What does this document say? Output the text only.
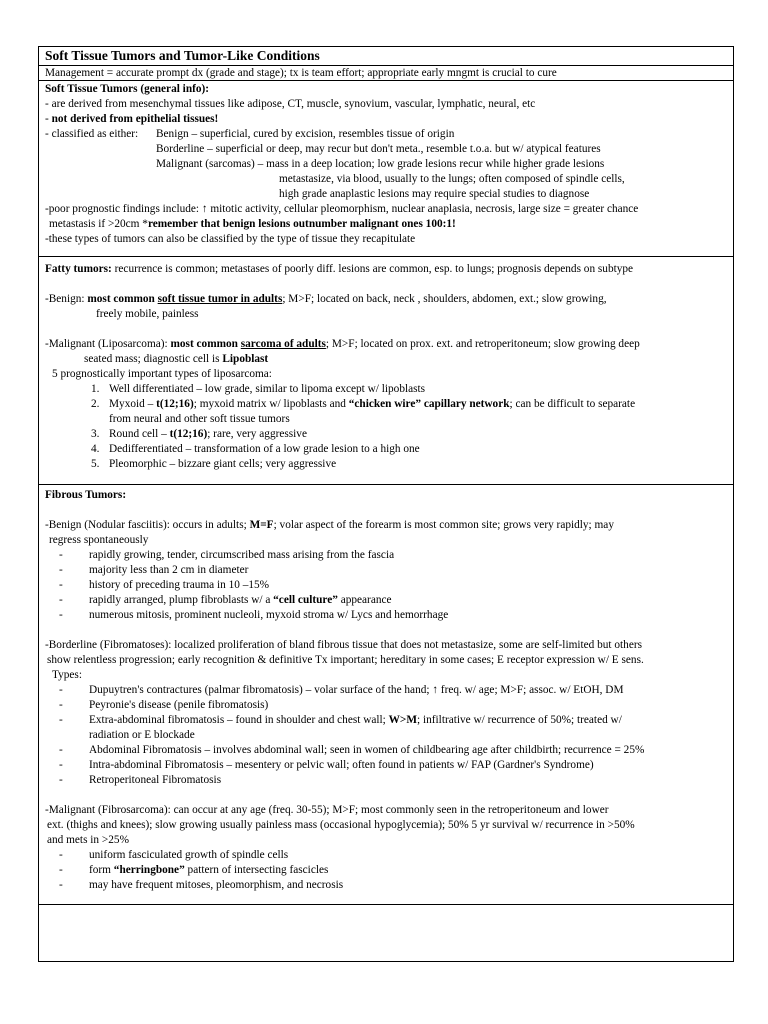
Soft Tissue Tumors and Tumor-Like Conditions
Management = accurate prompt dx (grade and stage); tx is team effort; appropriate early mngmt is crucial to cure
Soft Tissue Tumors (general info):
- are derived from mesenchymal tissues like adipose, CT, muscle, synovium, vascular, lymphatic, neural, etc
- not derived from epithelial tissues!
- classified as either: Benign – superficial, cured by excision, resembles tissue of origin
Borderline – superficial or deep, may recur but don't meta., resemble t.o.a. but w/ atypical features
Malignant (sarcomas) – mass in a deep location; low grade lesions recur while higher grade lesions
metastasize, via blood, usually to the lungs; often composed of spindle cells,
high grade anaplastic lesions may require special studies to diagnose
-poor prognostic findings include: ↑ mitotic activity, cellular pleomorphism, nuclear anaplasia, necrosis, large size = greater chance
metastasis if >20cm *remember that benign lesions outnumber malignant ones 100:1!
-these types of tumors can also be classified by the type of tissue they recapitulate
Fatty tumors: recurrence is common; metastases of poorly diff. lesions are common, esp. to lungs; prognosis depends on subtype
-Benign: most common soft tissue tumor in adults; M>F; located on back, neck , shoulders, abdomen, ext.; slow growing,
freely mobile, painless
-Malignant (Liposarcoma): most common sarcoma of adults; M>F; located on prox. ext. and retroperitoneum; slow growing deep
seated mass; diagnostic cell is Lipoblast
5 prognostically important types of liposarcoma:
1. Well differentiated – low grade, similar to lipoma except w/ lipoblasts
2. Myxoid – t(12;16); myxoid matrix w/ lipoblasts and “chicken wire” capillary network; can be difficult to separate
from neural and other soft tissue tumors
3. Round cell – t(12;16); rare, very aggressive
4. Dedifferentiated – transformation of a low grade lesion to a high one
5. Pleomorphic – bizzare giant cells; very aggressive
Fibrous Tumors:
-Benign (Nodular fasciitis): occurs in adults; M=F; volar aspect of the forearm is most common site; grows very rapidly; may
regress spontaneously
- rapidly growing, tender, circumscribed mass arising from the fascia
- majority less than 2 cm in diameter
- history of preceding trauma in 10 –15%
- rapidly arranged, plump fibroblasts w/ a “cell culture” appearance
- numerous mitosis, prominent nucleoli, myxoid stroma w/ Lycs and hemorrhage
-Borderline (Fibromatoses): localized proliferation of bland fibrous tissue that does not metastasize, some are self-limited but others
show relentless progression; early recognition & definitive Tx important; hereditary in some cases; E receptor expression w/ E sens.
Types:
- Dupuytren's contractures (palmar fibromatosis) – volar surface of the hand; ↑ freq. w/ age; M>F; assoc. w/ EtOH, DM
- Peyronie's disease (penile fibromatosis)
- Extra-abdominal fibromatosis – found in shoulder and chest wall; W>M; infiltrative w/ recurrence of 50%; treated w/
radiation or E blockade
- Abdominal Fibromatosis – involves abdominal wall; seen in women of childbearing age after childbirth; recurrence = 25%
- Intra-abdominal Fibromatosis – mesentery or pelvic wall; often found in patients w/ FAP (Gardner's Syndrome)
- Retroperitoneal Fibromatosis
-Malignant (Fibrosarcoma): can occur at any age (freq. 30-55); M>F; most commonly seen in the retroperitoneum and lower
ext. (thighs and knees); slow growing usually painless mass (occasional hypoglycemia); 50% 5 yr survival w/ recurrence in >50%
and mets in >25%
- uniform fasciculated growth of spindle cells
- form “herringbone” pattern of intersecting fascicles
- may have frequent mitoses, pleomorphism, and necrosis
